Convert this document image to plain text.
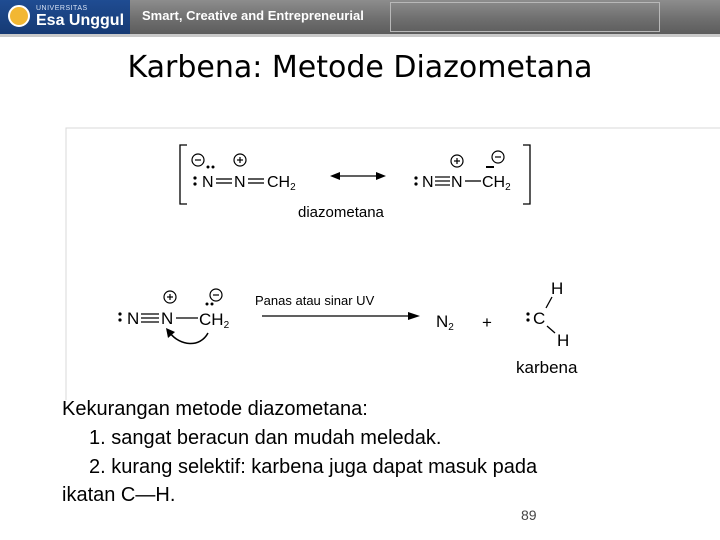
UNIVERSITAS
Esa Unggul Smart, Creative and Entrepreneurial
Karbena: Metode Diazometana
N N CH2	N N CH2
diazometana
N N CH2
Panas atau sinar UV
N2 + C
H
H
karbena
Kekurangan metode diazometana:
1. sangat beracun dan mudah meledak.
2. kurang selektif: karbena juga dapat masuk pada
ikatan C—H.
89
